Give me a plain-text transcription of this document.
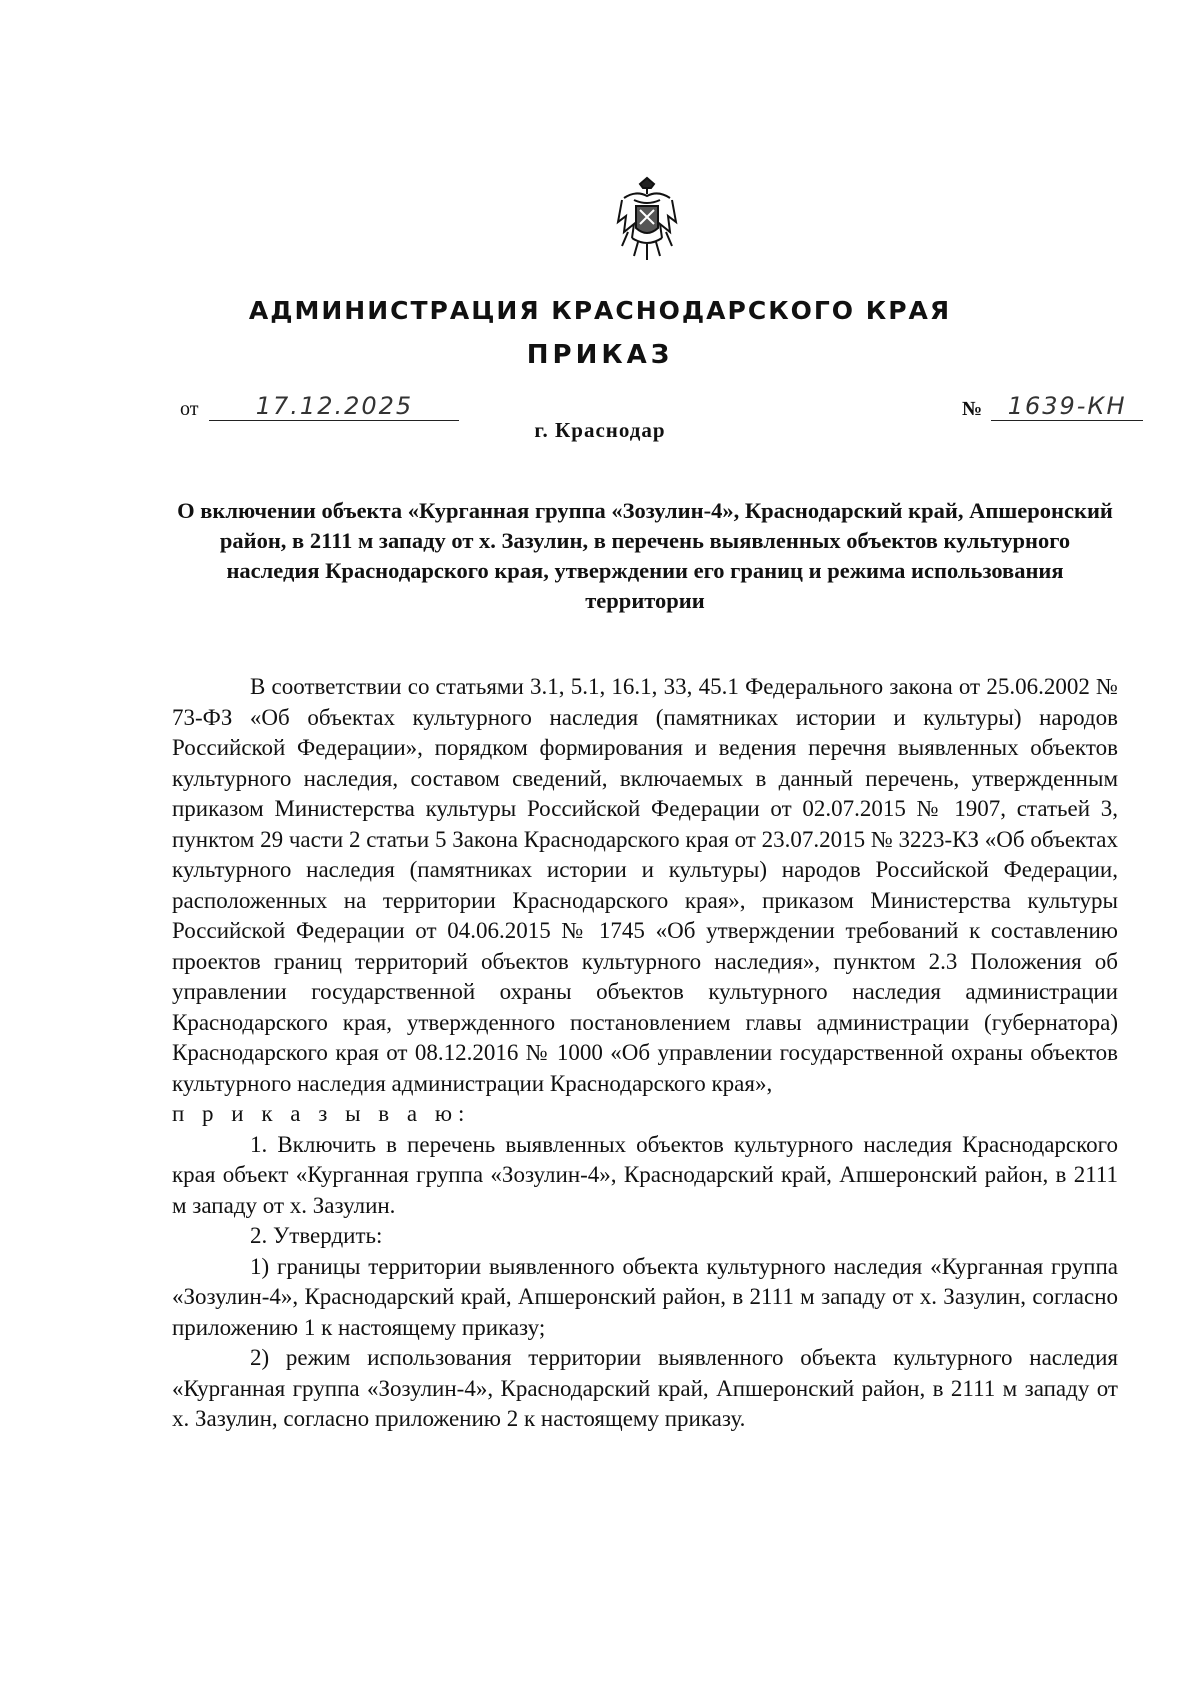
АДМИНИСТРАЦИЯ КРАСНОДАРСКОГО КРАЯ
ПРИКАЗ
от 17.12.2025	№ 1639-КН
г. Краснодар
О включении объекта «Курганная группа «Зозулин-4», Краснодарский край, Апшеронский район, в 2111 м западу от х. Зазулин, в перечень выявленных объектов культурного наследия Краснодарского края, утверждении его границ и режима использования территории

В соответствии со статьями 3.1, 5.1, 16.1, 33, 45.1 Федерального закона от 25.06.2002 № 73-ФЗ «Об объектах культурного наследия (памятниках истории и культуры) народов Российской Федерации», порядком формирования и ведения перечня выявленных объектов культурного наследия, составом сведений, включаемых в данный перечень, утвержденным приказом Министерства культуры Российской Федерации от 02.07.2015 № 1907, статьей 3, пунктом 29 части 2 статьи 5 Закона Краснодарского края от 23.07.2015 № 3223-КЗ «Об объектах культурного наследия (памятниках истории и культуры) народов Российской Федерации, расположенных на территории Краснодарского края», приказом Министерства культуры Российской Федерации от 04.06.2015 № 1745 «Об утверждении требований к составлению проектов границ территорий объектов культурного наследия», пунктом 2.3 Положения об управлении государственной охраны объектов культурного наследия администрации Краснодарского края, утвержденного постановлением главы администрации (губернатора) Краснодарского края от 08.12.2016 № 1000 «Об управлении государственной охраны объектов культурного наследия администрации Краснодарского края»,

п р и к а з ы в а ю:

1. Включить в перечень выявленных объектов культурного наследия Краснодарского края объект «Курганная группа «Зозулин-4», Краснодарский край, Апшеронский район, в 2111 м западу от х. Зазулин.

2. Утвердить:

1) границы территории выявленного объекта культурного наследия «Курганная группа «Зозулин-4», Краснодарский край, Апшеронский район, в 2111 м западу от х. Зазулин, согласно приложению 1 к настоящему приказу;

2) режим использования территории выявленного объекта культурного наследия «Курганная группа «Зозулин-4», Краснодарский край, Апшеронский район, в 2111 м западу от х. Зазулин, согласно приложению 2 к настоящему приказу.
